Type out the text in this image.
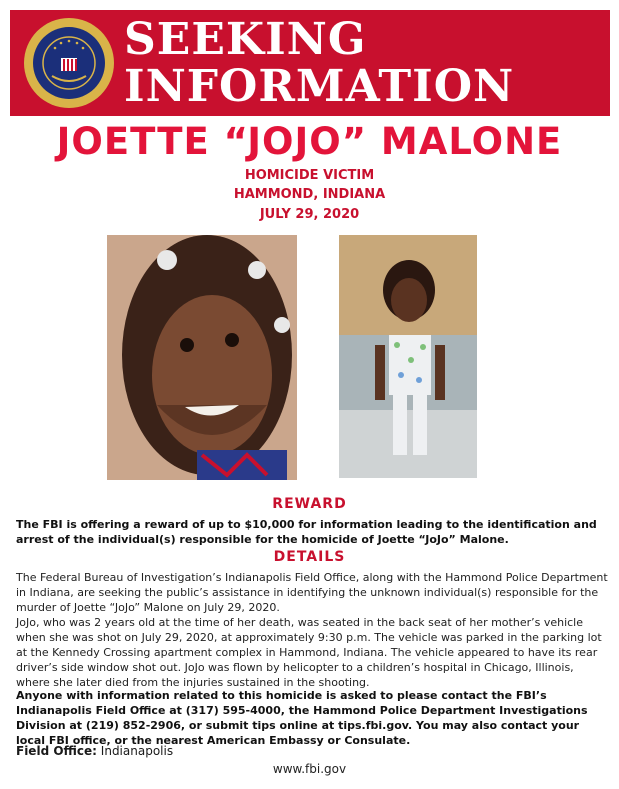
SEEKING
INFORMATION
JOETTE “JOJO” MALONE
HOMICIDE VICTIM
HAMMOND, INDIANA
JULY 29, 2020
REWARD
The FBI is offering a reward of up to $10,000 for information leading to the identification and arrest of the individual(s) responsible for the homicide of Joette “JoJo” Malone.
DETAILS
The Federal Bureau of Investigation’s Indianapolis Field Office, along with the Hammond Police Department in Indiana, are seeking the public’s assistance in identifying the unknown individual(s) responsible for the murder of Joette “JoJo” Malone on July 29, 2020.
JoJo, who was 2 years old at the time of her death, was seated in the back seat of her mother’s vehicle when she was shot on July 29, 2020, at approximately 9:30 p.m. The vehicle was parked in the parking lot at the Kennedy Crossing apartment complex in Hammond, Indiana. The vehicle appeared to have its rear driver’s side window shot out. JoJo was flown by helicopter to a children’s hospital in Chicago, Illinois, where she later died from the injuries sustained in the shooting.
Anyone with information related to this homicide is asked to please contact the FBI’s Indianapolis Field Office at (317) 595-4000, the Hammond Police Department Investigations Division at (219) 852-2906, or submit tips online at tips.fbi.gov. You may also contact your local FBI office, or the nearest American Embassy or Consulate.
Field Office: Indianapolis
www.fbi.gov
